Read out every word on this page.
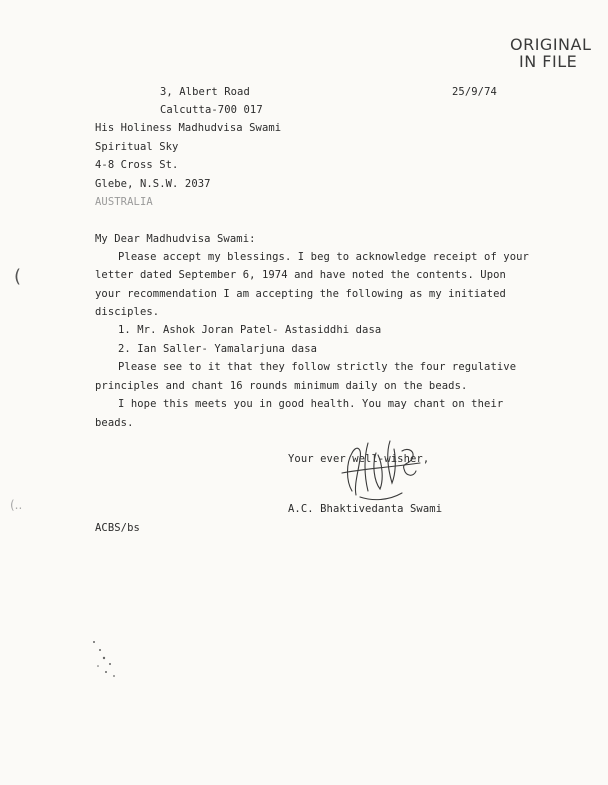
ORIGINAL
IN FILE
3, Albert Road	25/9/74
Calcutta-700 017
His Holiness Madhudvisa Swami
Spiritual Sky
4-8 Cross St.
Glebe, N.S.W. 2037
AUSTRALIA
My Dear Madhudvisa Swami:
Please accept my blessings. I beg to acknowledge receipt of your
letter dated September 6, 1974 and have noted the contents. Upon
your recommendation I am accepting the following as my initiated
disciples.
1. Mr. Ashok Joran Patel- Astasiddhi dasa
2. Ian Saller- Yamalarjuna dasa
Please see to it that they follow strictly the four regulative
principles and chant 16 rounds minimum daily on the beads.
I hope this meets you in good health. You may chant on their
beads.
Your ever well-wisher,
A.C. Bhaktivedanta Swami
ACBS/bs
(
(..
